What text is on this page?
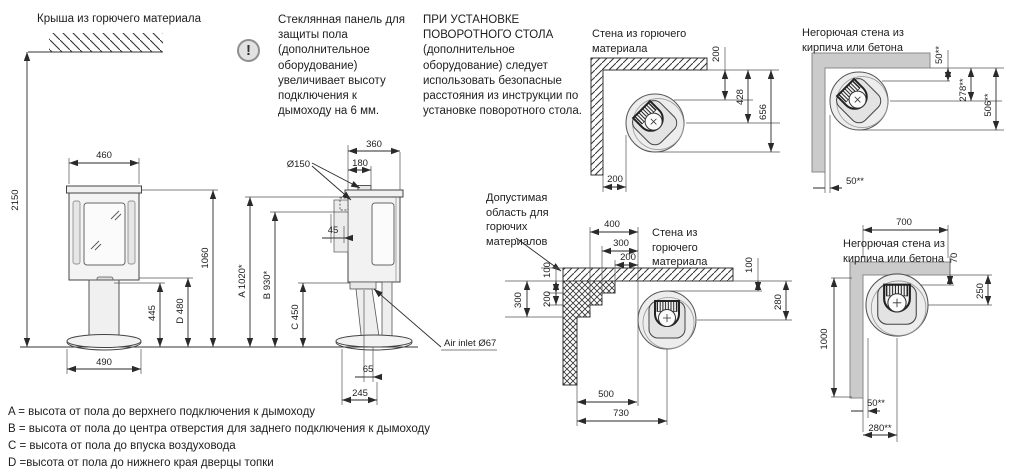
2150
460
1060
445 D 480
490
360
180
Ø150
45
A 1020* B 930*
C 450
Air inlet Ø67
65
245
200
428
656
200
50**
278**
506**
50**
400
300
200
100
200
300
100
280
500
730
700
70
250
1000
50**
280**
Крыша из горючего материала
!
Стеклянная панель для защиты пола (дополнительное оборудование) увеличивает высоту подключения к дымоходу на 6 мм.
ПРИ УСТАНОВКЕ ПОВОРОТНОГО СТОЛА (дополнительное оборудование) следует использовать безопасные расстояния из инструкции по установке поворотного стола.
Стена из горючего материала
Негорючая стена из кирпича или бетона
Допустимая область для горючих материалов
Стена из горючего материала
Негорючая стена из кирпича или бетона
A = высота от пола до верхнего подключения к дымоходу
B = высота от пола до центра отверстия для заднего подключения к дымоходу
C = высота от пола до впуска воздуховода
D =высота от пола до нижнего края дверцы топки
